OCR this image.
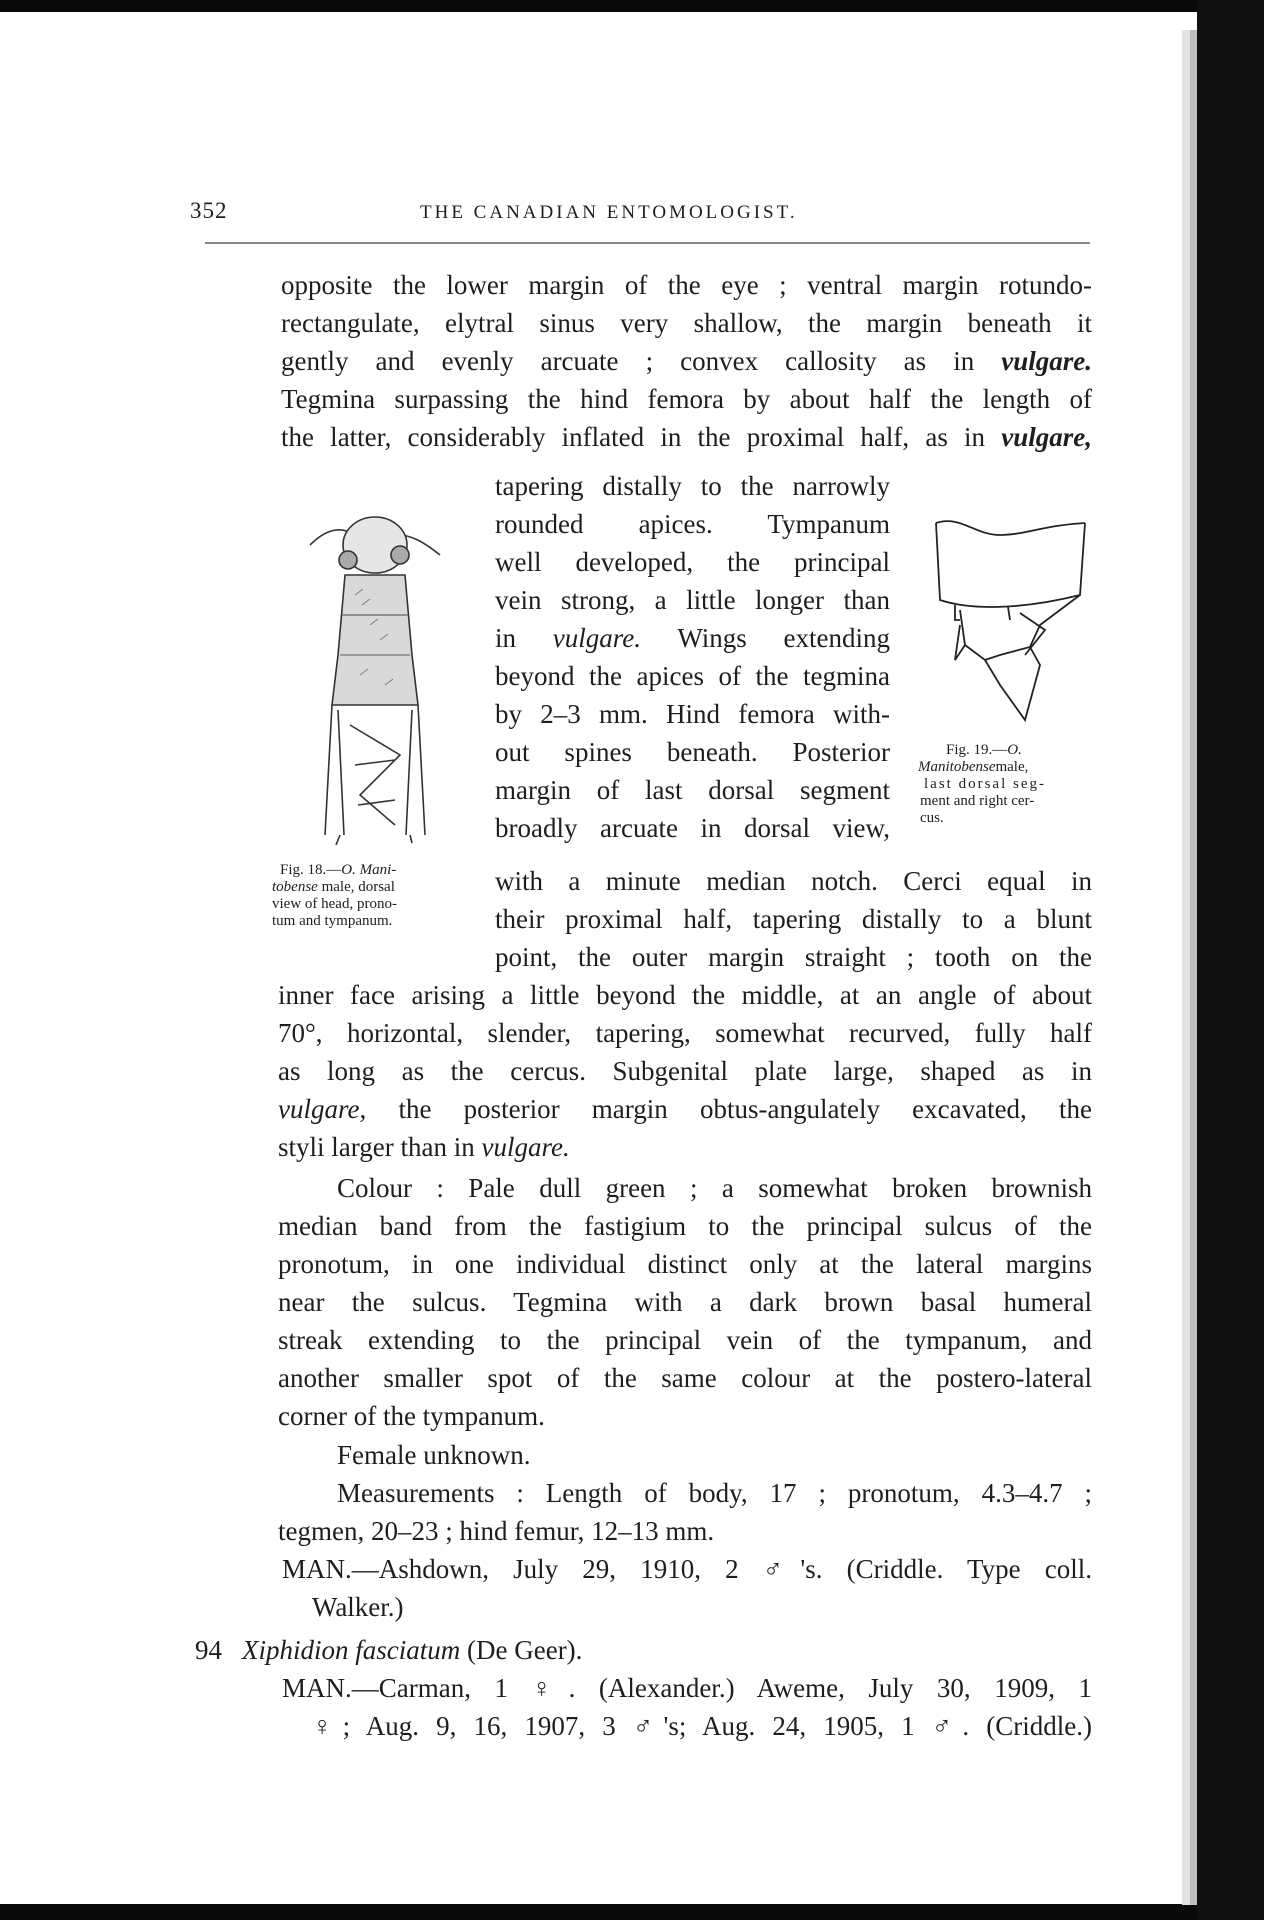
352	THE CANADIAN ENTOMOLOGIST.
opposite the lower margin of the eye ; ventral margin rotundo-
rectangulate, elytral sinus very shallow, the margin beneath it
gently and evenly arcuate ; convex callosity as in vulgare.
Tegmina surpassing the hind femora by about half the length of
the latter, considerably inflated in the proximal half, as in vulgare,
tapering distally to the narrowly
rounded apices. Tympanum
well developed, the principal
vein strong, a little longer than
in vulgare. Wings extending
beyond the apices of the tegmina
by 2–3 mm. Hind femora with-
out spines beneath. Posterior
margin of last dorsal segment
broadly arcuate in dorsal view,
with a minute median notch. Cerci equal in
their proximal half, tapering distally to a blunt
point, the outer margin straight ; tooth on the
inner face arising a little beyond the middle, at an angle of about
70°, horizontal, slender, tapering, somewhat recurved, fully half
as long as the cercus. Subgenital plate large, shaped as in
vulgare, the posterior margin obtus-angulately excavated, the
styli larger than in vulgare.
Colour : Pale dull green ; a somewhat broken brownish
median band from the fastigium to the principal sulcus of the
pronotum, in one individual distinct only at the lateral margins
near the sulcus. Tegmina with a dark brown basal humeral
streak extending to the principal vein of the tympanum, and
another smaller spot of the same colour at the postero-lateral
corner of the tympanum.
Female unknown.
Measurements : Length of body, 17 ; pronotum, 4.3–4.7 ;
tegmen, 20–23 ; hind femur, 12–13 mm.
MAN.—Ashdown, July 29, 1910, 2 ♂'s. (Criddle. Type coll.
Walker.)
94 Xiphidion fasciatum (De Geer).
MAN.—Carman, 1 ♀. (Alexander.) Aweme, July 30, 1909, 1
♀; Aug. 9, 16, 1907, 3 ♂'s; Aug. 24, 1905, 1 ♂. (Criddle.)
Fig. 18.—O. Mani-
tobense male, dorsal
view of head, prono-
tum and tympanum.
Fig. 19.—O.
Manitobensemale,
last dorsal seg-
ment and right cer-
cus.
